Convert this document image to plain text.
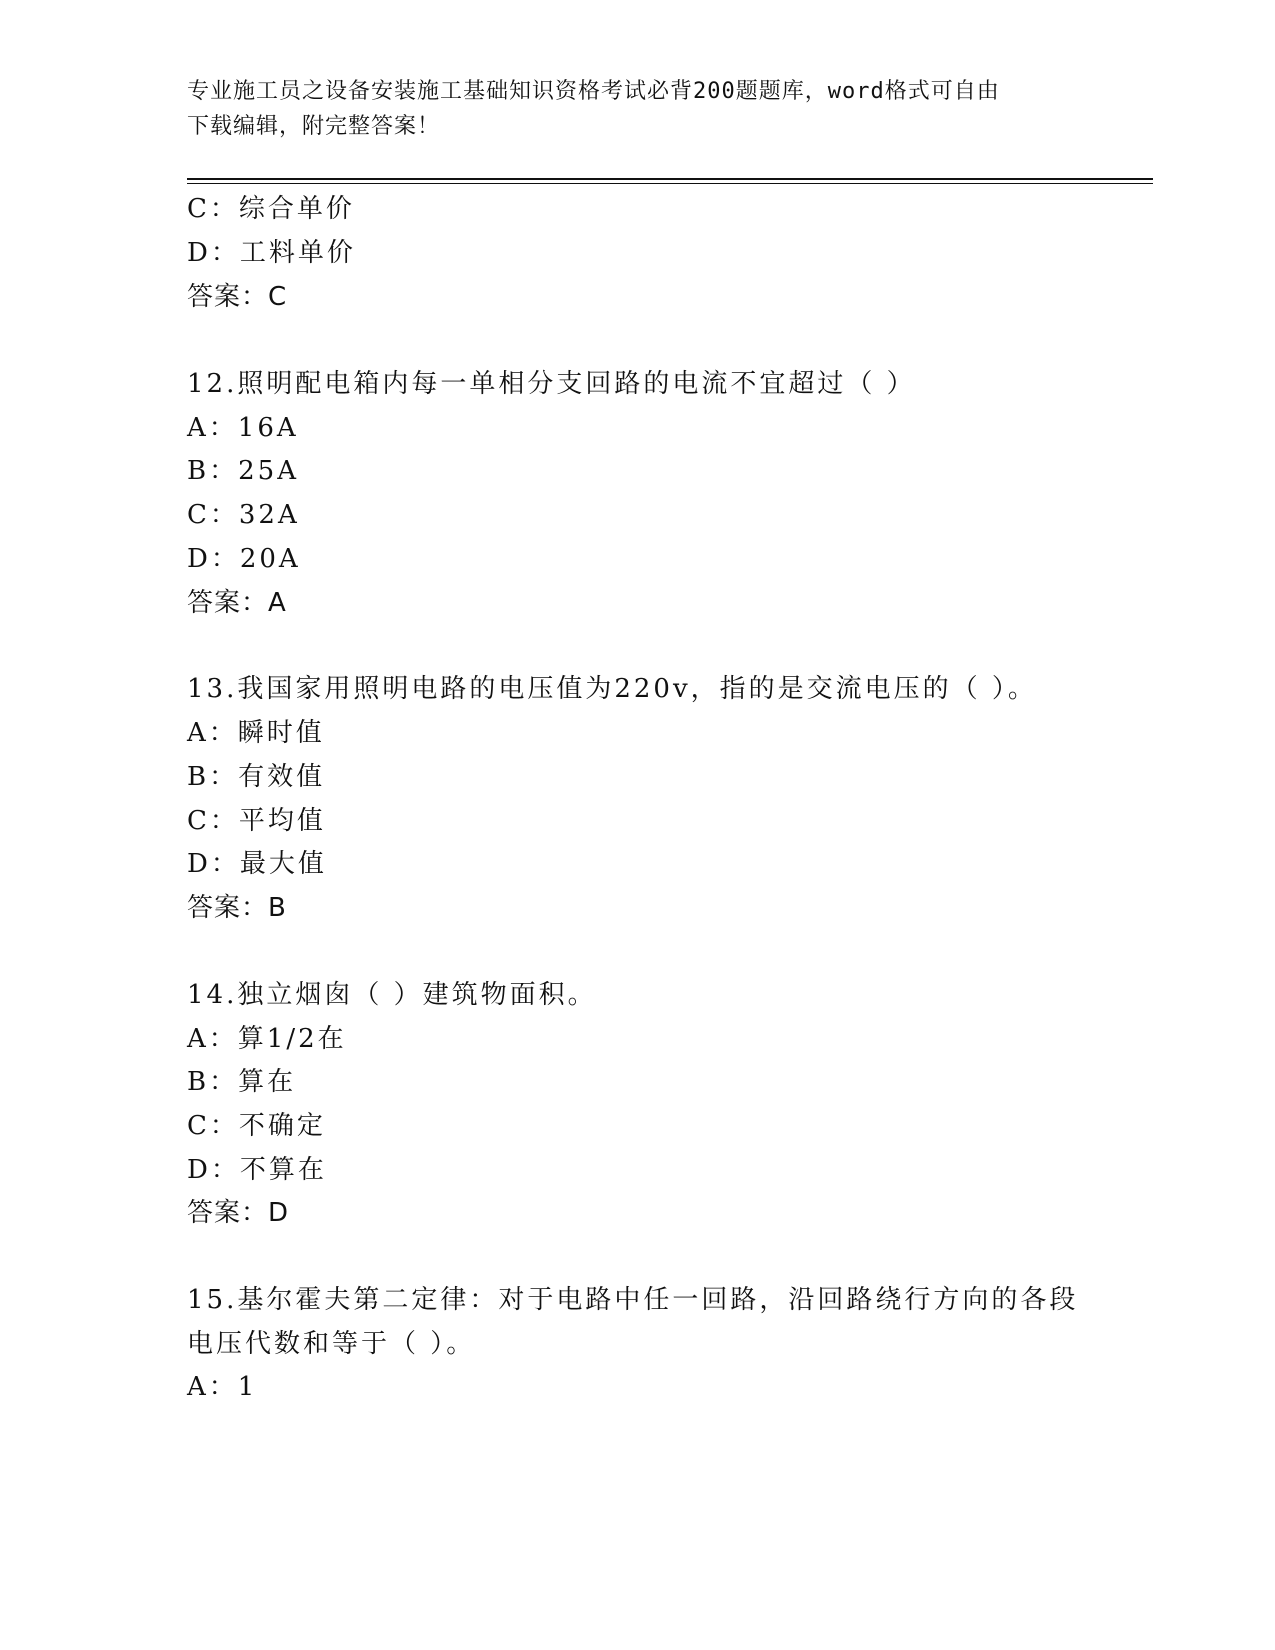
专业施工员之设备安装施工基础知识资格考试必背200题题库，word格式可自由
下载编辑，附完整答案！
C：综合单价
D：工料单价
答案：C
12.照明配电箱内每一单相分支回路的电流不宜超过（ ）
A：16A
B：25A
C：32A
D：20A
答案：A
13.我国家用照明电路的电压值为220v，指的是交流电压的（ ）。
A：瞬时值
B：有效值
C：平均值
D：最大值
答案：B
14.独立烟囱（ ）建筑物面积。
A：算1/2在
B：算在
C：不确定
D：不算在
答案：D
15.基尔霍夫第二定律：对于电路中任一回路，沿回路绕行方向的各段
电压代数和等于（ ）。
A：1
